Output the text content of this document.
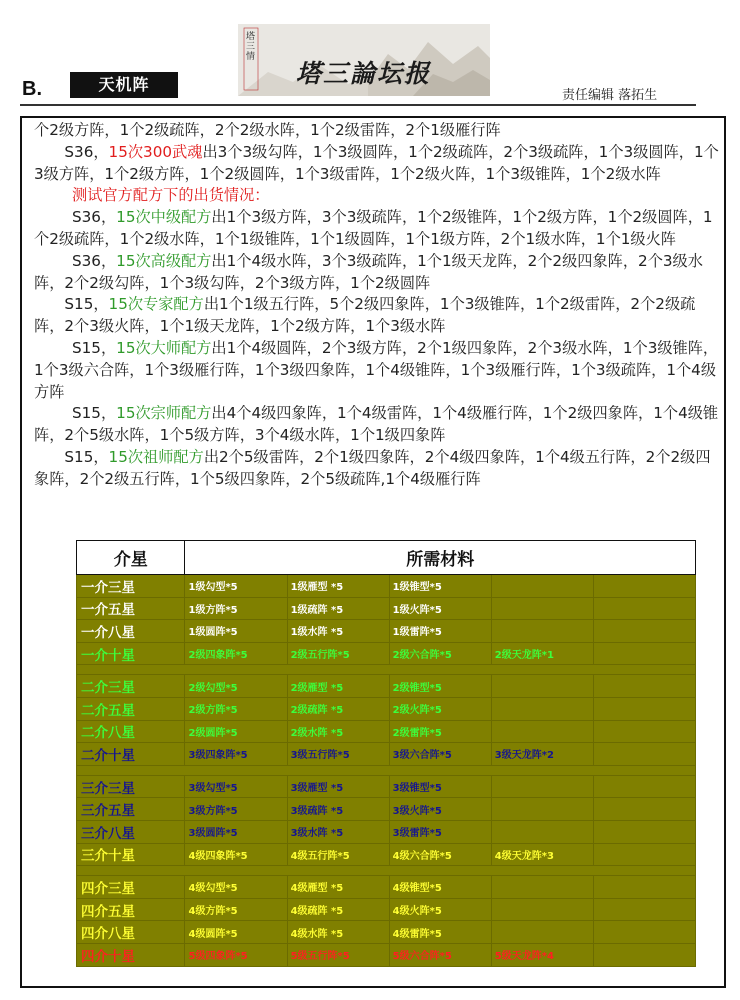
B.	天机阵
塔三情
塔三論坛报
责任编辑 落拓生

个2级方阵，1个2级疏阵，2个2级水阵，1个2级雷阵，2个1级雁行阵

S36，15次300武魂出3个3级勾阵，1个3级圆阵，1个2级疏阵，2个3级疏阵，1个3级圆阵，1个3级方阵，1个2级方阵，1个2级圆阵，1个3级雷阵，1个2级火阵，1个3级锥阵，1个2级水阵

测试官方配方下的出货情况：

S36，15次中级配方出1个3级方阵，3个3级疏阵，1个2级锥阵，1个2级方阵，1个2级圆阵，1个2级疏阵，1个2级水阵，1个1级锥阵，1个1级圆阵，1个1级方阵，2个1级水阵，1个1级火阵

S36，15次高级配方出1个4级水阵，3个3级疏阵，1个1级天龙阵，2个2级四象阵，2个3级水阵，2个2级勾阵，1个3级勾阵，2个3级方阵，1个2级圆阵

S15，15次专家配方出1个1级五行阵，5个2级四象阵，1个3级锥阵，1个2级雷阵，2个2级疏阵，2个3级火阵，1个1级天龙阵，1个2级方阵，1个3级水阵

S15，15次大师配方出1个4级圆阵，2个3级方阵，2个1级四象阵，2个3级水阵，1个3级锥阵，1个3级六合阵，1个3级雁行阵，1个3级四象阵，1个4级锥阵，1个3级雁行阵，1个3级疏阵，1个4级方阵

S15，15次宗师配方出4个4级四象阵，1个4级雷阵，1个4级雁行阵，1个2级四象阵，1个4级锥阵，2个5级水阵，1个5级方阵，3个4级水阵，1个1级四象阵

S15，15次祖师配方出2个5级雷阵，2个1级四象阵，2个4级四象阵，1个4级五行阵，2个2级四象阵，2个2级五行阵，1个5级四象阵，2个5级疏阵,1个4级雁行阵

介星	所需材料				
一介三星	1级勾型*5	1级雁型 *5	1级锥型*5		
一介五星	1级方阵*5	1级疏阵 *5	1级火阵*5		
一介八星	1级圆阵*5	1级水阵 *5	1级雷阵*5		
一介十星	2级四象阵*5	2级五行阵*5	2级六合阵*5	2级天龙阵*1	

二介三星	2级勾型*5	2级雁型 *5	2级锥型*5		
二介五星	2级方阵*5	2级疏阵 *5	2级火阵*5		
二介八星	2级圆阵*5	2级水阵 *5	2级雷阵*5		
二介十星	3级四象阵*5	3级五行阵*5	3级六合阵*5	3级天龙阵*2	

三介三星	3级勾型*5	3级雁型 *5	3级锥型*5		
三介五星	3级方阵*5	3级疏阵 *5	3级火阵*5		
三介八星	3级圆阵*5	3级水阵 *5	3级雷阵*5		
三介十星	4级四象阵*5	4级五行阵*5	4级六合阵*5	4级天龙阵*3	

四介三星	4级勾型*5	4级雁型 *5	4级锥型*5		
四介五星	4级方阵*5	4级疏阵 *5	4级火阵*5		
四介八星	4级圆阵*5	4级水阵 *5	4级雷阵*5		
四介十星	5级四象阵*5	5级五行阵*5	5级六合阵*5	5级天龙阵*4	
